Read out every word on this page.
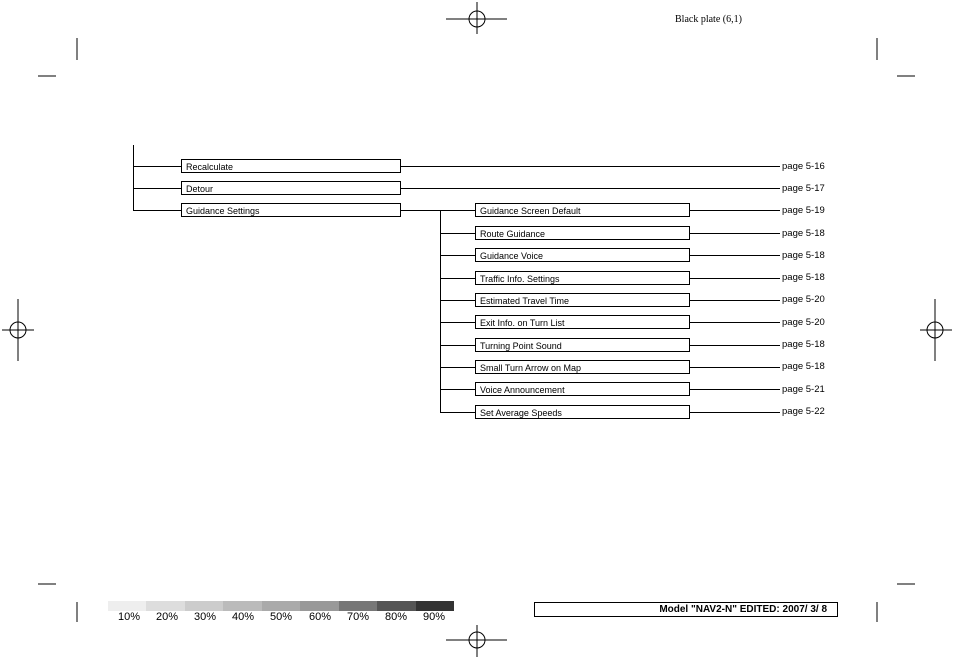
Black plate (6,1)
Recalculate
Detour
Guidance Settings	Guidance Screen Default
Route Guidance
Guidance Voice
Traffic Info. Settings
Estimated Travel Time
Exit Info. on Turn List
Turning Point Sound
Small Turn Arrow on Map
Voice Announcement
Set Average Speeds
page 5-16
page 5-17
page 5-19
page 5-18
page 5-18
page 5-18
page 5-20
page 5-20
page 5-18
page 5-18
page 5-21
page 5-22
10% 20% 30% 40% 50% 60% 70% 80% 90%
Model "NAV2-N" EDITED: 2007/ 3/ 8
